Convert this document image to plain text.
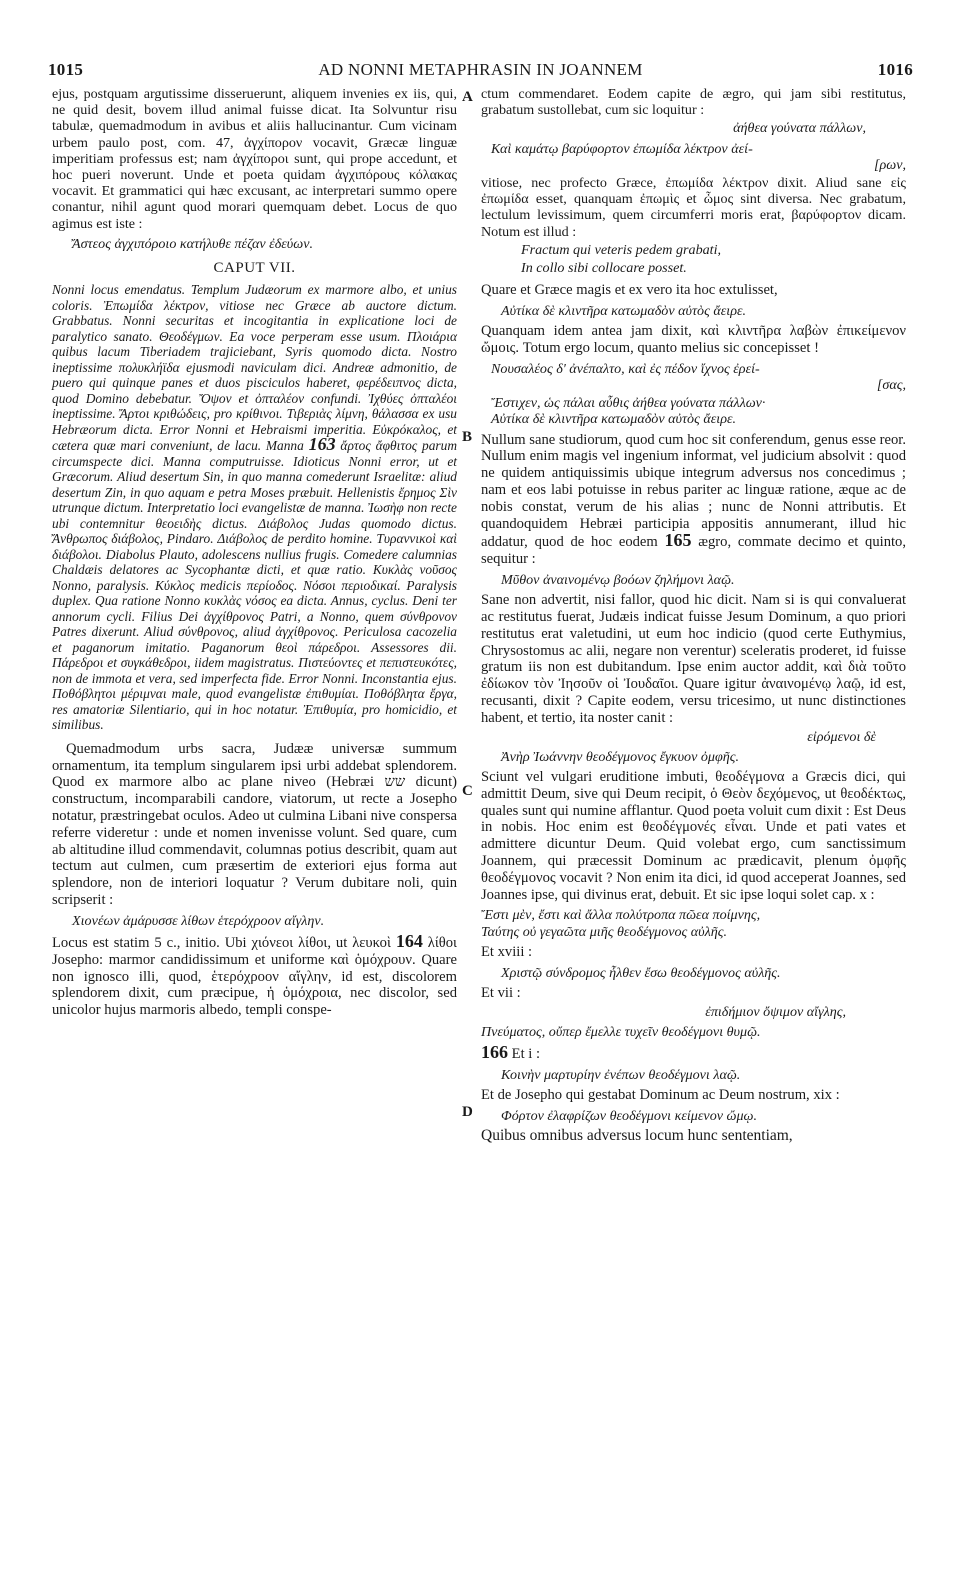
1015	AD NONNI METAPHRASIN IN JOANNEM	1016
A
B
C
D

ejus, postquam argutissime disseruerunt, aliquem invenies ex iis, qui, ne quid desit, bovem illud animal fuisse dicat. Ita Solvuntur risu tabulæ, quemadmodum in avibus et aliis hallucinantur. Cum vicinam urbem paulo post, com. 47, ἀγχίπορον vocavit, Græcæ linguæ imperitiam professus est; nam ἀγχίποροι sunt, qui prope accedunt, et hoc pueri noverunt. Unde et poeta quidam ἀγχιπόρους κόλακας vocavit. Et grammatici qui hæc excusant, ac interpretari summo opere conantur, nihil agunt quod morari quemquam debet. Locus de quo agimus est iste :

Ἄστεος ἀγχιπόροιο κατήλυθε πέζαν ἐδεύων.

CAPUT VII.

Nonni locus emendatus. Templum Judæorum ex marmore albo, et unius coloris. Ἐπωμίδα λέκτρον, vitiose nec Græce ab auctore dictum. Grabbatus. Nonni securitas et incogitantia in explicatione loci de paralytico sanato. Θεοδέγμων. Ea voce perperam esse usum. Πλοιάρια quibus lacum Tiberiadem trajiciebant, Syris quomodo dicta. Nostro ineptissime πολυκλήϊδα ejusmodi naviculam dici. Andreæ admonitio, de puero qui quinque panes et duos pisciculos haberet, φερέδειπνος dicta, quod Domino debebatur. Ὄψον et ὀπταλέον confundi. Ἰχθύες ὀπταλέοι ineptissime. Ἄρτοι κριθώδεις, pro κρίθινοι. Τιβεριὰς λίμνη, θάλασσα ex usu Hebræorum dicta. Error Nonni et Hebraismi imperitia. Εὐκρόκαλος, et cætera quæ mari conveniunt, de lacu. Manna 163 ἄρτος ἄφθιτος parum circumspecte dici. Manna computruisse. Idioticus Nonni error, ut et Græcorum. Aliud desertum Sin, in quo manna comederunt Israelitæ: aliud desertum Zin, in quo aquam e petra Moses præbuit. Hellenistis ἔρημος Σὶν utrunque dictum. Interpretatio loci evangelistæ de manna. Ἰωσὴφ non recte ubi contemnitur θεοειδὴς dictus. Διάβολος Judas quomodo dictus. Ἄνθρωπος διάβολος, Pindaro. Διάβολος de perdito homine. Τυραννικοὶ καὶ διάβολοι. Diabolus Plauto, adolescens nullius frugis. Comedere calumnias Chaldæis delatores ac Sycophantæ dicti, et quæ ratio. Κυκλὰς νοῦσος Nonno, paralysis. Κύκλος medicis περίοδος. Νόσοι περιοδικαί. Paralysis duplex. Qua ratione Nonno κυκλὰς νόσος ea dicta. Annus, cyclus. Deni ter annorum cycli. Filius Dei ἀγχίθρονος Patri, a Nonno, quem σύνθρονον Patres dixerunt. Aliud σύνθρονος, aliud ἀγχίθρονος. Periculosa cacozelia et paganorum imitatio. Paganorum θεοὶ πάρεδροι. Assessores dii. Πάρεδροι et συγκάθεδροι, iidem magistratus. Πιστεύοντες et πεπιστευκότες, non de immota et vera, sed imperfecta fide. Error Nonni. Inconstantia ejus. Ποθόβλητοι μέριμναι male, quod evangelistæ ἐπιθυμίαι. Ποθόβλητα ἔργα, res amatoriæ Silentiario, qui in hoc notatur. Ἐπιθυμία, pro homicidio, et similibus.

Quemadmodum urbs sacra, Judææ universæ summum ornamentum, ita templum singularem ipsi urbi addebat splendorem. Quod ex marmore albo ac plane niveo (Hebræi שש dicunt) constructum, incomparabili candore, viatorum, ut recte a Josepho notatur, præstringebat oculos. Adeo ut culmina Libani nive conspersa referre videretur : unde et nomen invenisse volunt. Sed quare, cum ab altitudine illud commendavit, columnas potius describit, quam aut tectum aut culmen, cum præsertim de exteriori ejus forma aut splendore, non de interiori loquatur ? Verum dubitare noli, quin scripserit :

Χιονέων ἀμάρυσσε λίθων ἑτερόχροον αἴγλην.

Locus est statim 5 c., initio. Ubi χιόνεοι λίθοι, ut λευκοὶ 164 λίθοι Josepho: marmor candidissimum et uniforme καὶ ὁμόχρουν. Quare non ignosco illi, quod, ἑτερόχροον αἴγλην, id est, discolorem splendorem dixit, cum præcipue, ἡ ὁμόχροια, nec discolor, sed unicolor hujus marmoris albedo, templi conspe-

ctum commendaret. Eodem capite de ægro, qui jam sibi restitutus, grabatum sustollebat, cum sic loquitur :

ἀήθεα γούνατα πάλλων,

Καὶ καμάτῳ βαρύφορτον ἐπωμίδα λέκτρον ἀεί-

[ρων,

vitiose, nec profecto Græce, ἐπωμίδα λέκτρον dixit. Aliud sane εἰς ἐπωμίδα esset, quanquam ἐπωμὶς et ὦμος sint diversa. Nec grabatum, lectulum levissimum, quem circumferri moris erat, βαρύφορτον dicam. Notum est illud :

Fractum qui veteris pedem grabati,

In collo sibi collocare posset.

Quare et Græce magis et ex vero ita hoc extulisset,

Αὐτίκα δὲ κλιντῆρα κατωμαδὸν αὐτὸς ἄειρε.

Quanquam idem antea jam dixit, καὶ κλιντῆρα λαβὼν ἐπικείμενον ὤμοις. Totum ergo locum, quanto melius sic concepisset !

Νουσαλέος δ' ἀνέπαλτο, καὶ ἐς πέδον ἴχνος ἐρεί-

[σας,

Ἔστιχεν, ὡς πάλαι αὖθις ἀήθεα γούνατα πάλλων·

Αὐτίκα δὲ κλιντῆρα κατωμαδὸν αὐτὸς ἄειρε.

Nullum sane studiorum, quod cum hoc sit conferendum, genus esse reor. Nullum enim magis vel ingenium informat, vel judicium absolvit : quod ne quidem antiquissimis ubique integrum adversus nos concedimus ; nam et eos labi potuisse in rebus pariter ac linguæ ratione, æque ac de nobis constat, verum de his alias ; nunc de Nonni attributis. Et quandoquidem Hebræi participia appositis annumerant, illud hic addatur, quod de hoc eodem 165 ægro, commate decimo et quinto, sequitur :

Μῦθον ἀναινομένῳ βοόων ζηλήμονι λαῷ.

Sane non advertit, nisi fallor, quod hic dicit. Nam si is qui convaluerat ac restitutus fuerat, Judæis indicat fuisse Jesum Dominum, a quo priori restitutus erat valetudini, ut eum hoc indicio (quod certe Euthymius, Chrysostomus ac alii, negare non verentur) sceleratis proderet, id fuisse gratum iis non est dubitandum. Ipse enim auctor addit, καὶ διὰ τοῦτο ἐδίωκον τὸν Ἰησοῦν οἱ Ἰουδαῖοι. Quare igitur ἀναινομένῳ λαῷ, id est, recusanti, dixit ? Capite eodem, versu tricesimo, ut nunc distinctiones habent, et tertio, ita noster canit :

εἰρόμενοι δὲ

Ἀνὴρ Ἰωάννην θεοδέγμονος ἔγκυον ὀμφῆς.

Sciunt vel vulgari eruditione imbuti, θεοδέγμονα a Græcis dici, qui admittit Deum, sive qui Deum recipit, ὁ Θεὸν δεχόμενος, ut θεοδέκτως, quales sunt qui numine afflantur. Quod poeta voluit cum dixit : Est Deus in nobis. Hoc enim est θεοδέγμονές εἶναι. Unde et pati vates et admittere dicuntur Deum. Quid volebat ergo, cum sanctissimum Joannem, qui præcessit Dominum ac prædicavit, plenum ὀμφῆς θεοδέγμονος vocavit ? Non enim ita dici, id quod acceperat Joannes, sed Joannes ipse, qui divinus erat, debuit. Et sic ipse loqui solet cap. x :

Ἔστι μὲν, ἔστι καὶ ἄλλα πολύτροπα πῶεα ποίμνης,

Ταύτης οὐ γεγαῶτα μιῆς θεοδέγμονος αὐλῆς.

Et xviii :

Χριστῷ σύνδρομος ἦλθεν ἔσω θεοδέγμονος αὐλῆς.

Et vii :

ἐπιδήμιον ὄψιμον αἴγλης,

Πνεύματος, οὔπερ ἔμελλε τυχεῖν θεοδέγμονι θυμῷ.

166 Et i :

Κοινὴν μαρτυρίην ἐνέπων θεοδέγμονι λαῷ.

Et de Josepho qui gestabat Dominum ac Deum nostrum, xix :

Φόρτον ἐλαφρίζων θεοδέγμονι κείμενον ὤμῳ.

Quibus omnibus adversus locum hunc sententiam,
